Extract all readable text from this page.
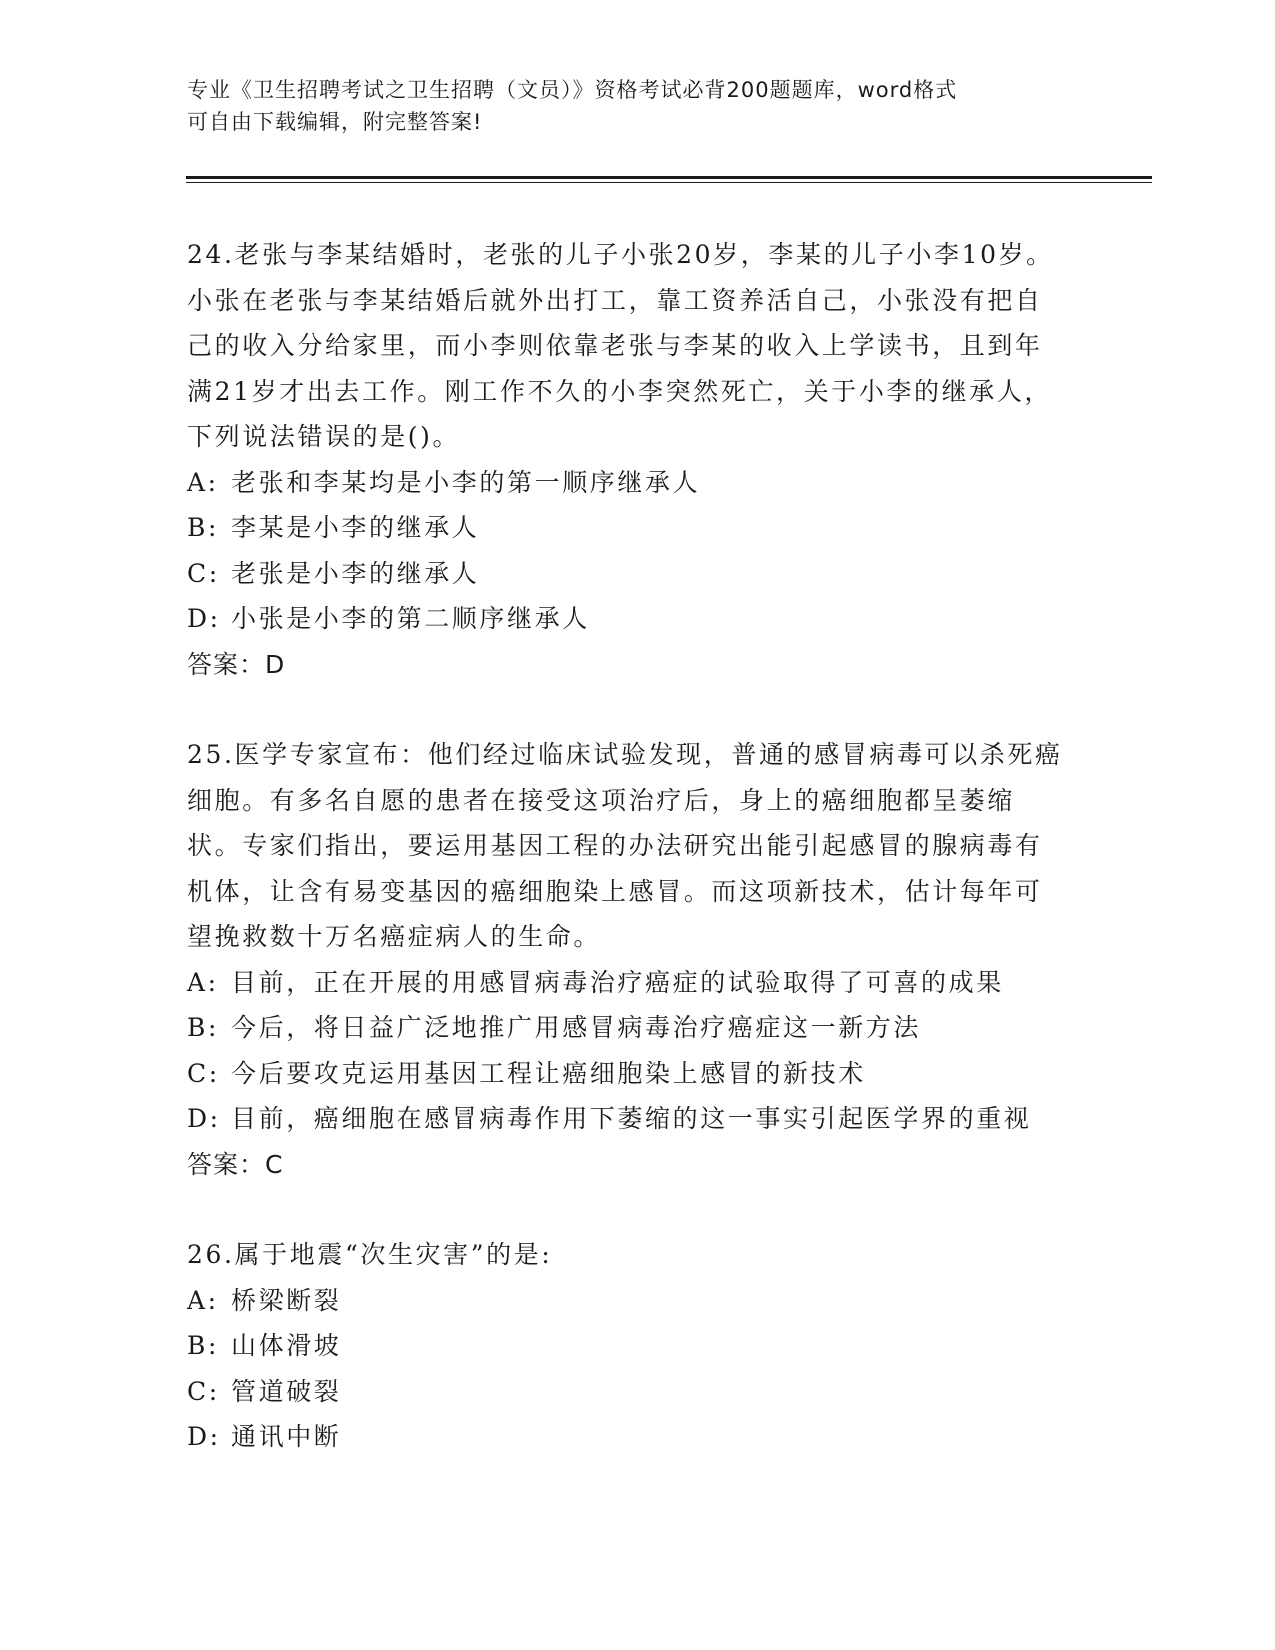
专业《卫生招聘考试之卫生招聘（文员）》资格考试必背200题题库，word格式
可自由下载编辑，附完整答案!

24.老张与李某结婚时，老张的儿子小张20岁，李某的儿子小李10岁。小张在老张与李某结婚后就外出打工，靠工资养活自己，小张没有把自己的收入分给家里，而小李则依靠老张与李某的收入上学读书，且到年满21岁才出去工作。刚工作不久的小李突然死亡，关于小李的继承人，下列说法错误的是()。

A: 老张和李某均是小李的第一顺序继承人
B: 李某是小李的继承人
C: 老张是小李的继承人
D: 小张是小李的第二顺序继承人
答案：D

25.医学专家宣布：他们经过临床试验发现，普通的感冒病毒可以杀死癌细胞。有多名自愿的患者在接受这项治疗后，身上的癌细胞都呈萎缩状。专家们指出，要运用基因工程的办法研究出能引起感冒的腺病毒有机体，让含有易变基因的癌细胞染上感冒。而这项新技术，估计每年可望挽救数十万名癌症病人的生命。

A: 目前，正在开展的用感冒病毒治疗癌症的试验取得了可喜的成果
B: 今后，将日益广泛地推广用感冒病毒治疗癌症这一新方法
C: 今后要攻克运用基因工程让癌细胞染上感冒的新技术
D: 目前，癌细胞在感冒病毒作用下萎缩的这一事实引起医学界的重视
答案：C

26.属于地震“次生灾害”的是:

A: 桥梁断裂
B: 山体滑坡
C: 管道破裂
D: 通讯中断
